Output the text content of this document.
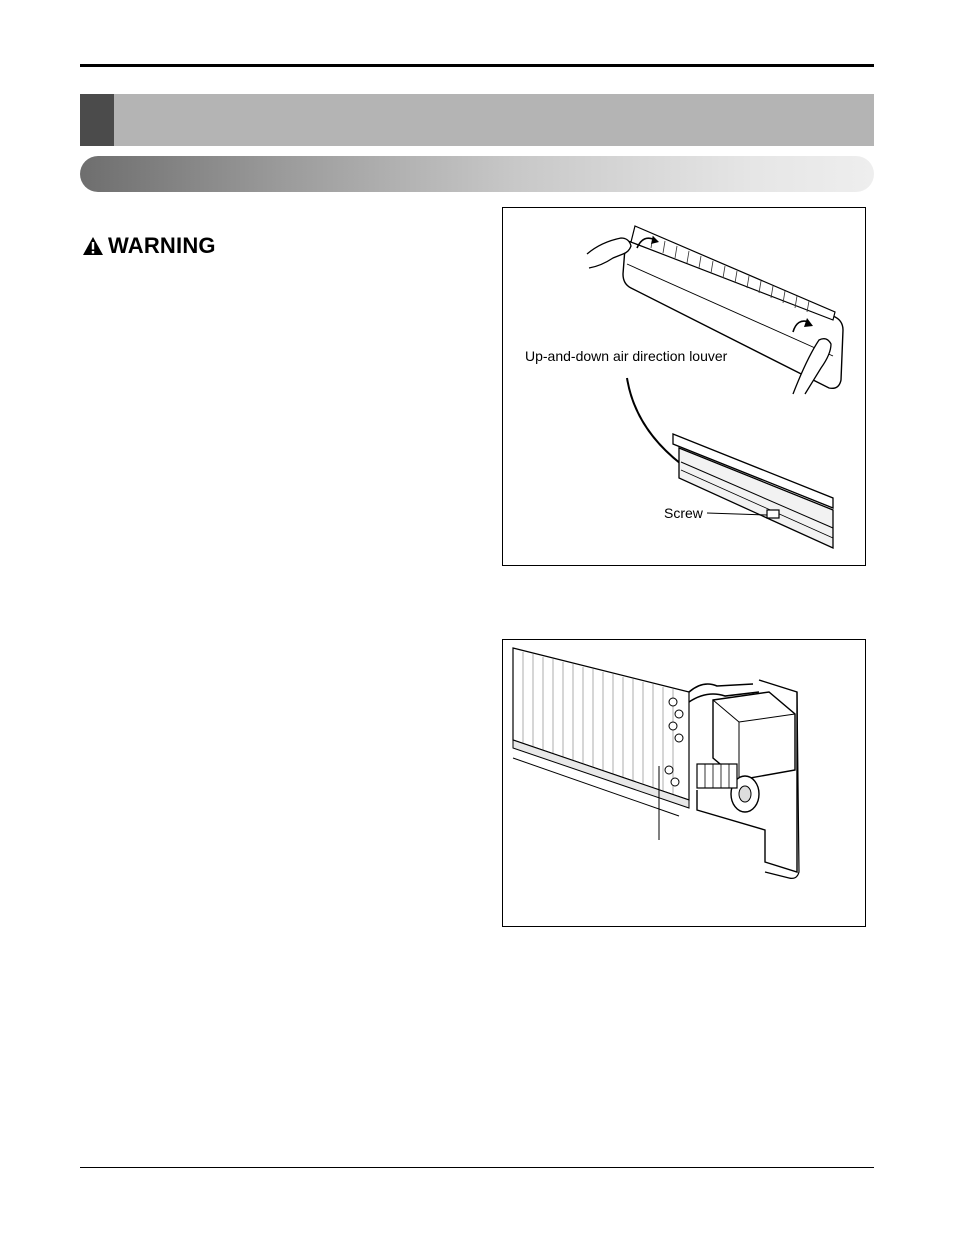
WARNING
Up-and-down air direction louver
Screw
